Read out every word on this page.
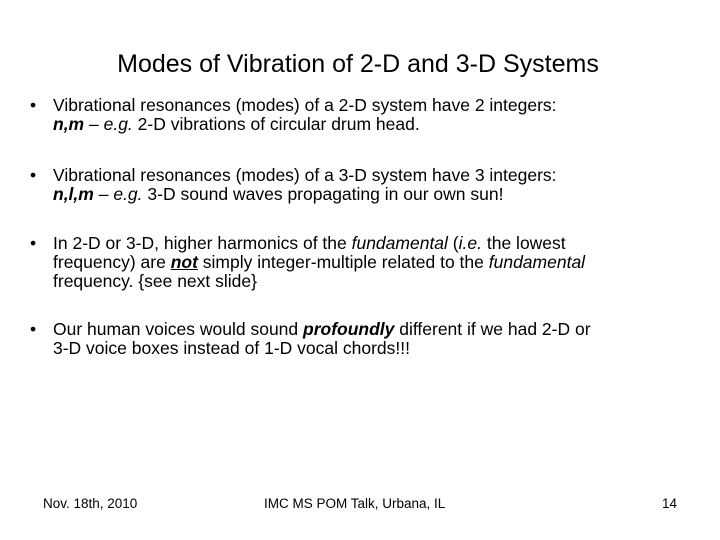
Modes of Vibration of 2-D and 3-D Systems
• Vibrational resonances (modes) of a 2-D system have 2 integers:
n,m – e.g. 2-D vibrations of circular drum head.
• Vibrational resonances (modes) of a 3-D system have 3 integers:
n,l,m – e.g. 3-D sound waves propagating in our own sun!
• In 2-D or 3-D, higher harmonics of the fundamental (i.e. the lowest
frequency) are not simply integer-multiple related to the fundamental
frequency. {see next slide}
• Our human voices would sound profoundly different if we had 2-D or
3-D voice boxes instead of 1-D vocal chords!!!
Nov. 18th, 2010	IMC MS POM Talk, Urbana, IL	14
